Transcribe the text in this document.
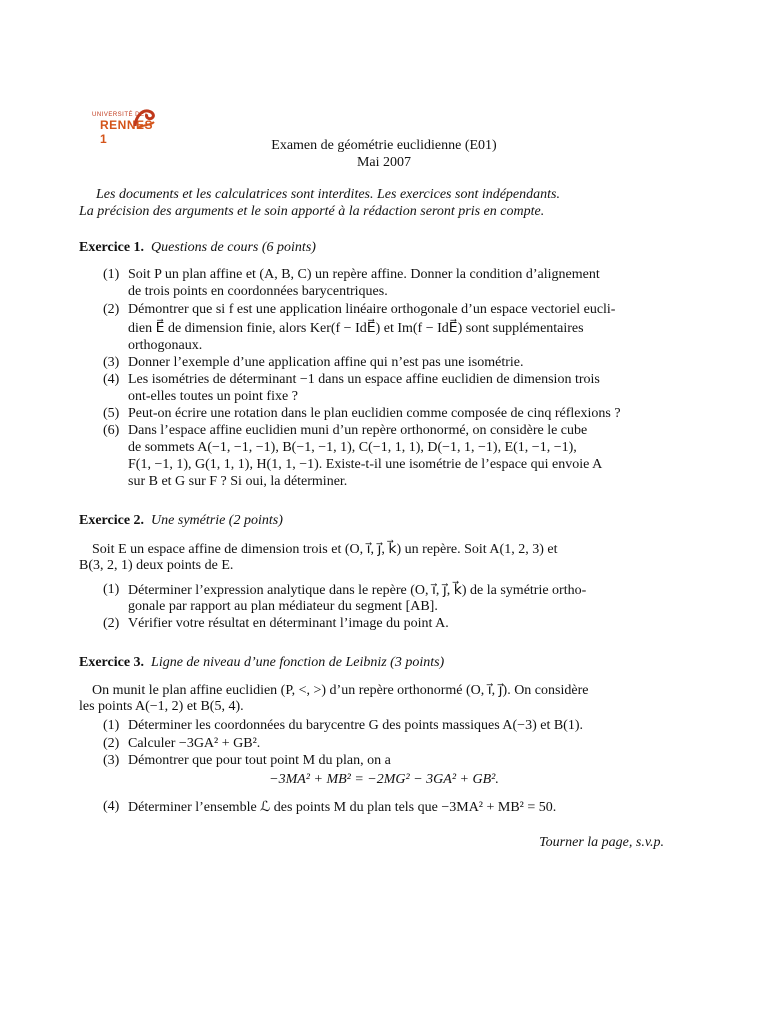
UNIVERSITÉ DE
RENNES 1	Examen de géométrie euclidienne (E01)
Mai 2007
Les documents et les calculatrices sont interdites. Les exercices sont indépendants.
La précision des arguments et le soin apporté à la rédaction seront pris en compte.
Exercice 1. Questions de cours (6 points)
(1) Soit P un plan affine et (A, B, C) un repère affine. Donner la condition d’alignement
de trois points en coordonnées barycentriques.
(2) Démontrer que si f est une application linéaire orthogonale d’un espace vectoriel eucli-
dien E⃗ de dimension finie, alors Ker(f − IdE⃗) et Im(f − IdE⃗) sont supplémentaires
orthogonaux.
(3) Donner l’exemple d’une application affine qui n’est pas une isométrie.
(4) Les isométries de déterminant −1 dans un espace affine euclidien de dimension trois
ont-elles toutes un point fixe ?
(5) Peut-on écrire une rotation dans le plan euclidien comme composée de cinq réflexions ?
(6) Dans l’espace affine euclidien muni d’un repère orthonormé, on considère le cube
de sommets A(−1, −1, −1), B(−1, −1, 1), C(−1, 1, 1), D(−1, 1, −1), E(1, −1, −1),
F(1, −1, 1), G(1, 1, 1), H(1, 1, −1). Existe-t-il une isométrie de l’espace qui envoie A
sur B et G sur F ? Si oui, la déterminer.
Exercice 2. Une symétrie (2 points)
Soit E un espace affine de dimension trois et (O, ı⃗, ȷ⃗, k⃗) un repère. Soit A(1, 2, 3) et
B(3, 2, 1) deux points de E.
(1) Déterminer l’expression analytique dans le repère (O, ı⃗, ȷ⃗, k⃗) de la symétrie ortho-
gonale par rapport au plan médiateur du segment [AB].
(2) Vérifier votre résultat en déterminant l’image du point A.
Exercice 3. Ligne de niveau d’une fonction de Leibniz (3 points)
On munit le plan affine euclidien (P, <, >) d’un repère orthonormé (O, ı⃗, ȷ⃗). On considère
les points A(−1, 2) et B(5, 4).
(1) Déterminer les coordonnées du barycentre G des points massiques A(−3) et B(1).
(2) Calculer −3GA² + GB².
(3) Démontrer que pour tout point M du plan, on a
−3MA² + MB² = −2MG² − 3GA² + GB².
(4) Déterminer l’ensemble ℒ des points M du plan tels que −3MA² + MB² = 50.
Tourner la page, s.v.p.
